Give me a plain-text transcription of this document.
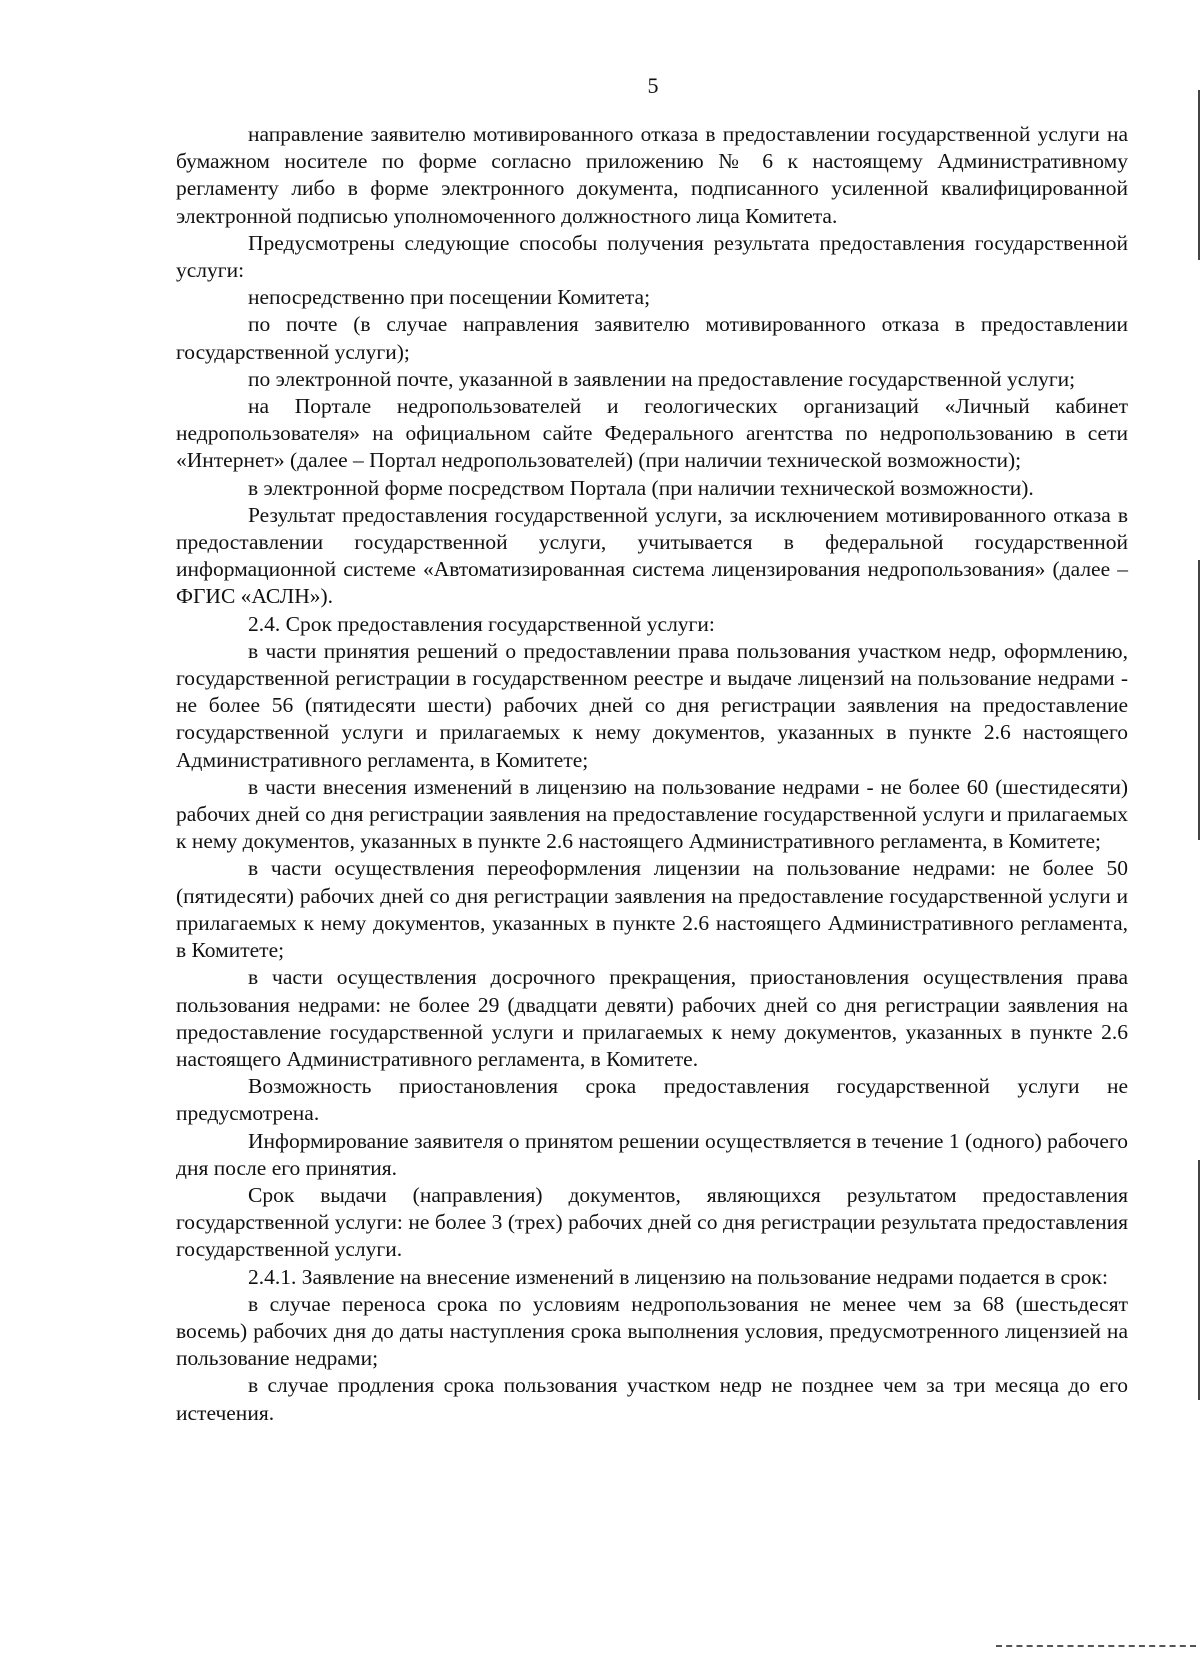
5

направление заявителю мотивированного отказа в предоставлении государственной услуги на бумажном носителе по форме согласно приложению № 6 к настоящему Административному регламенту либо в форме электронного документа, подписанного усиленной квалифицированной электронной подписью уполномоченного должностного лица Комитета.

Предусмотрены следующие способы получения результата предоставления государственной услуги:

непосредственно при посещении Комитета;

по почте (в случае направления заявителю мотивированного отказа в предоставлении государственной услуги);

по электронной почте, указанной в заявлении на предоставление государственной услуги;

на Портале недропользователей и геологических организаций «Личный кабинет недропользователя» на официальном сайте Федерального агентства по недропользованию в сети «Интернет» (далее – Портал недропользователей) (при наличии технической возможности);

в электронной форме посредством Портала (при наличии технической возможности).

Результат предоставления государственной услуги, за исключением мотивированного отказа в предоставлении государственной услуги, учитывается в федеральной государственной информационной системе «Автоматизированная система лицензирования недропользования» (далее – ФГИС «АСЛН»).

2.4. Срок предоставления государственной услуги:

в части принятия решений о предоставлении права пользования участком недр, оформлению, государственной регистрации в государственном реестре и выдаче лицензий на пользование недрами - не более 56 (пятидесяти шести) рабочих дней со дня регистрации заявления на предоставление государственной услуги и прилагаемых к нему документов, указанных в пункте 2.6 настоящего Административного регламента, в Комитете;

в части внесения изменений в лицензию на пользование недрами - не более 60 (шестидесяти) рабочих дней со дня регистрации заявления на предоставление государственной услуги и прилагаемых к нему документов, указанных в пункте 2.6 настоящего Административного регламента, в Комитете;

в части осуществления переоформления лицензии на пользование недрами: не более 50 (пятидесяти) рабочих дней со дня регистрации заявления на предоставление государственной услуги и прилагаемых к нему документов, указанных в пункте 2.6 настоящего Административного регламента, в Комитете;

в части осуществления досрочного прекращения, приостановления осуществления права пользования недрами: не более 29 (двадцати девяти) рабочих дней со дня регистрации заявления на предоставление государственной услуги и прилагаемых к нему документов, указанных в пункте 2.6 настоящего Административного регламента, в Комитете.

Возможность приостановления срока предоставления государственной услуги не предусмотрена.

Информирование заявителя о принятом решении осуществляется в течение 1 (одного) рабочего дня после его принятия.

Срок выдачи (направления) документов, являющихся результатом предоставления государственной услуги: не более 3 (трех) рабочих дней со дня регистрации результата предоставления государственной услуги.

2.4.1. Заявление на внесение изменений в лицензию на пользование недрами подается в срок:

в случае переноса срока по условиям недропользования не менее чем за 68 (шестьдесят восемь) рабочих дня до даты наступления срока выполнения условия, предусмотренного лицензией на пользование недрами;

в случае продления срока пользования участком недр не позднее чем за три месяца до его истечения.
